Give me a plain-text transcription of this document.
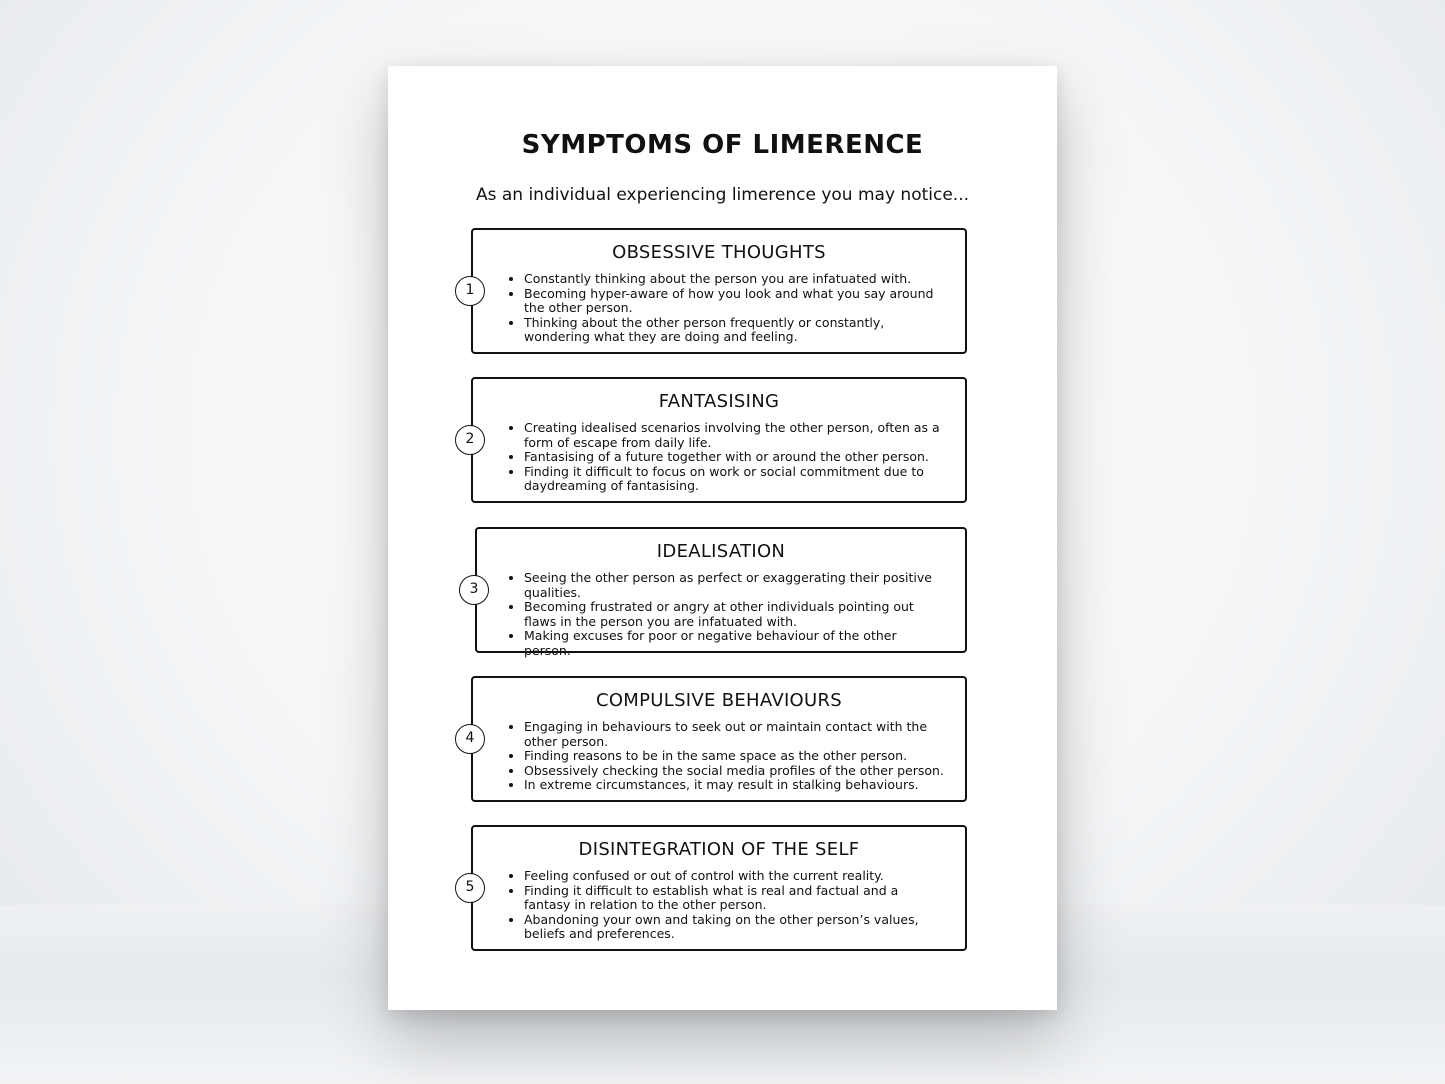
SYMPTOMS OF LIMERENCE

As an individual experiencing limerence you may notice...

1
OBSESSIVE THOUGHTS
• Constantly thinking about the person you are infatuated with.
• Becoming hyper-aware of how you look and what you say around the other person.
• Thinking about the other person frequently or constantly, wondering what they are doing and feeling.
2
FANTASISING
• Creating idealised scenarios involving the other person, often as a form of escape from daily life.
• Fantasising of a future together with or around the other person.
• Finding it difficult to focus on work or social commitment due to daydreaming of fantasising.
3
IDEALISATION
• Seeing the other person as perfect or exaggerating their positive qualities.
• Becoming frustrated or angry at other individuals pointing out flaws in the person you are infatuated with.
• Making excuses for poor or negative behaviour of the other person.
4
COMPULSIVE BEHAVIOURS
• Engaging in behaviours to seek out or maintain contact with the other person.
• Finding reasons to be in the same space as the other person.
• Obsessively checking the social media profiles of the other person.
• In extreme circumstances, it may result in stalking behaviours.
5
DISINTEGRATION OF THE SELF
• Feeling confused or out of control with the current reality.
• Finding it difficult to establish what is real and factual and a fantasy in relation to the other person.
• Abandoning your own and taking on the other person’s values, beliefs and preferences.
